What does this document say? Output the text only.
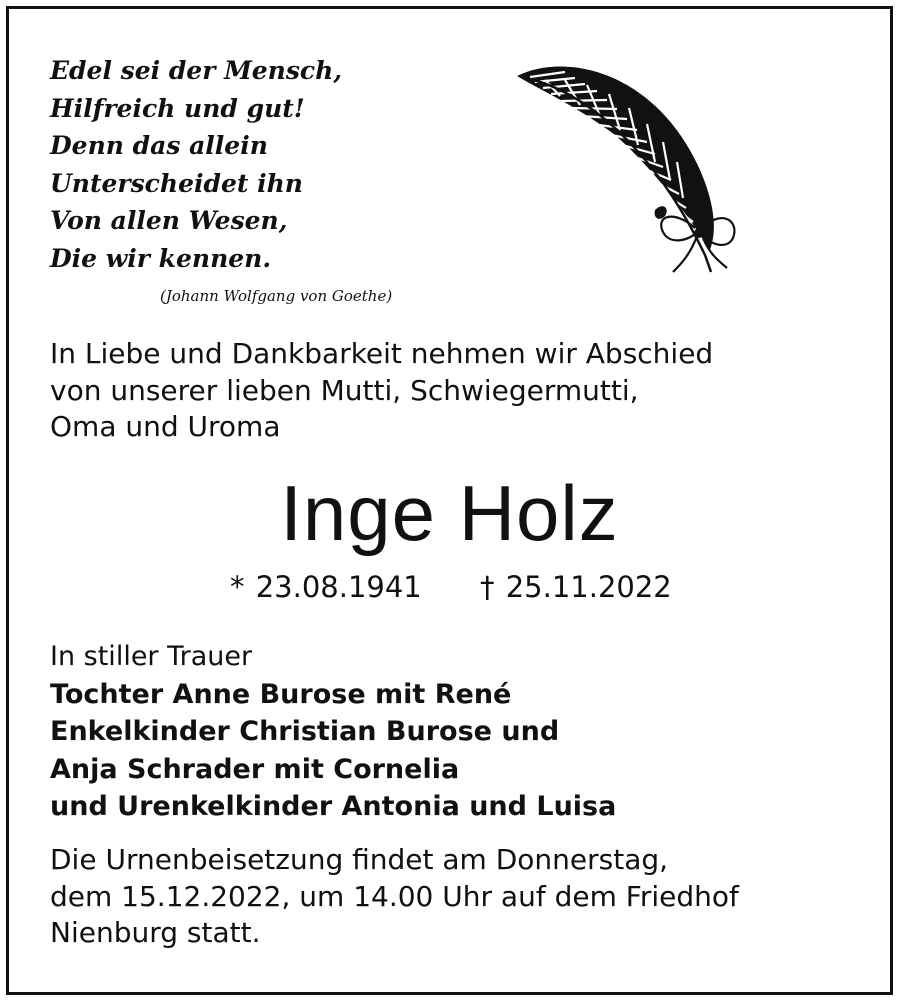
Edel sei der Mensch,
Hilfreich und gut!
Denn das allein
Unterscheidet ihn
Von allen Wesen,
Die wir kennen.
(Johann Wolfgang von Goethe)
In Liebe und Dankbarkeit nehmen wir Abschied
von unserer lieben Mutti, Schwiegermutti,
Oma und Uroma
Inge Holz
* 23.08.1941 † 25.11.2022
In stiller Trauer
Tochter Anne Burose mit René
Enkelkinder Christian Burose und
Anja Schrader mit Cornelia
und Urenkelkinder Antonia und Luisa
Die Urnenbeisetzung findet am Donnerstag,
dem 15.12.2022, um 14.00 Uhr auf dem Friedhof
Nienburg statt.
